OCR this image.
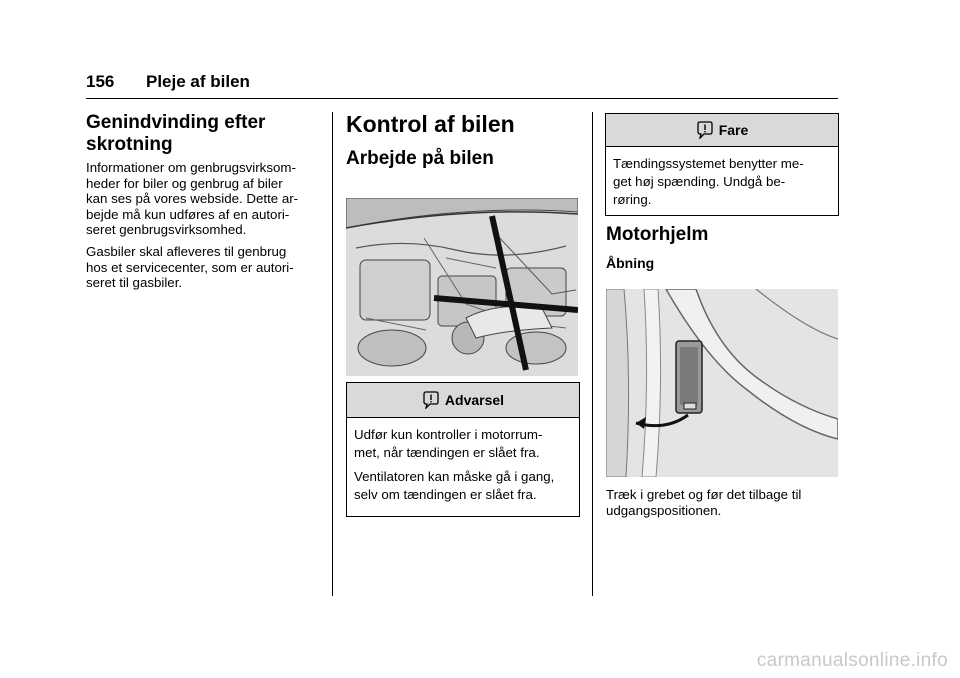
156 Pleje af bilen
Genindvinding efter
skrotning

Informationer om genbrugsvirksom-
heder for biler og genbrug af biler
kan ses på vores webside. Dette ar-
bejde må kun udføres af en autori-
seret genbrugsvirksomhed.

Gasbiler skal afleveres til genbrug
hos et servicecenter, som er autori-
seret til gasbiler.

Kontrol af bilen
Arbejde på bilen
Advarsel

Udfør kun kontroller i motorrum-
met, når tændingen er slået fra.

Ventilatoren kan måske gå i gang,
selv om tændingen er slået fra.

Fare

Tændingssystemet benytter me-
get høj spænding. Undgå be-
røring.

Motorhjelm
Åbning
Træk i grebet og før det tilbage til
udgangspositionen.
carmanualsonline.info
